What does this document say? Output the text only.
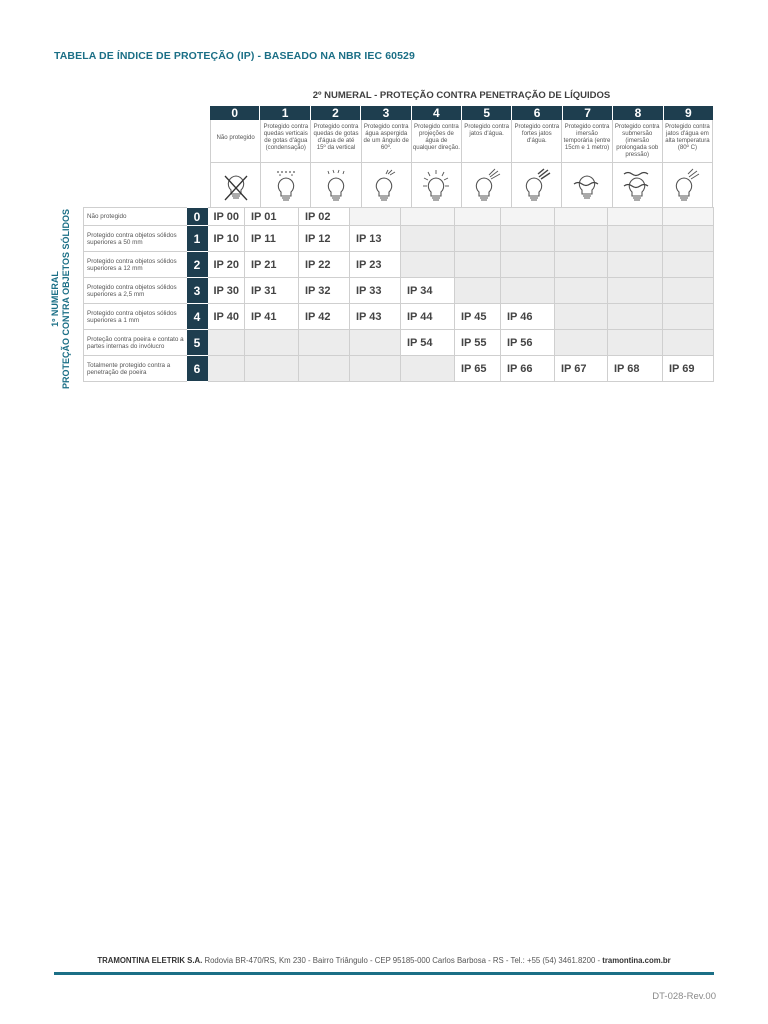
TABELA DE ÍNDICE DE PROTEÇÃO (IP) - BASEADO NA NBR IEC 60529
2º NUMERAL - PROTEÇÃO CONTRA PENETRAÇÃO DE LÍQUIDOS
0	1	2	3	4	5	6	7	8	9
Não protegido
Protegido contra quedas verticais de gotas d'água (condensação)
Protegido contra quedas de gotas d'água de até 15º da vertical
Protegido contra água aspergida de um ângulo de 60º.
Protegido contra projeções de água de qualquer direção.
Protegido contra jatos d'água.
Protegido contra fortes jatos d'água.
Protegido contra imersão temporária (entre 15cm e 1 metro)
Protegido contra submersão (imersão prolongada sob pressão)
Protegido contra jatos d'água em alta temperatura (80º C)
1º NUMERAL PROTEÇÃO CONTRA OBJETOS SÓLIDOS	Não protegido	0	IP 00	IP 01	IP 02							
Protegido contra objetos sólidos superiores a 50 mm	1	IP 10	IP 11	IP 12	IP 13						
Protegido contra objetos sólidos superiores a 12 mm	2	IP 20	IP 21	IP 22	IP 23						
Protegido contra objetos sólidos superiores a 2,5 mm	3	IP 30	IP 31	IP 32	IP 33	IP 34					
Protegido contra objetos sólidos superiores a 1 mm	4	IP 40	IP 41	IP 42	IP 43	IP 44	IP 45	IP 46			
Proteção contra poeira e contato a partes internas do invólucro	5					IP 54	IP 55	IP 56			
Totalmente protegido contra a penetração de poeira	6						IP 65	IP 66	IP 67	IP 68	IP 69
TRAMONTINA ELETRIK S.A. Rodovia BR-470/RS, Km 230 - Bairro Triângulo - CEP 95185-000 Carlos Barbosa - RS - Tel.: +55 (54) 3461.8200 - tramontina.com.br
DT-028-Rev.00
